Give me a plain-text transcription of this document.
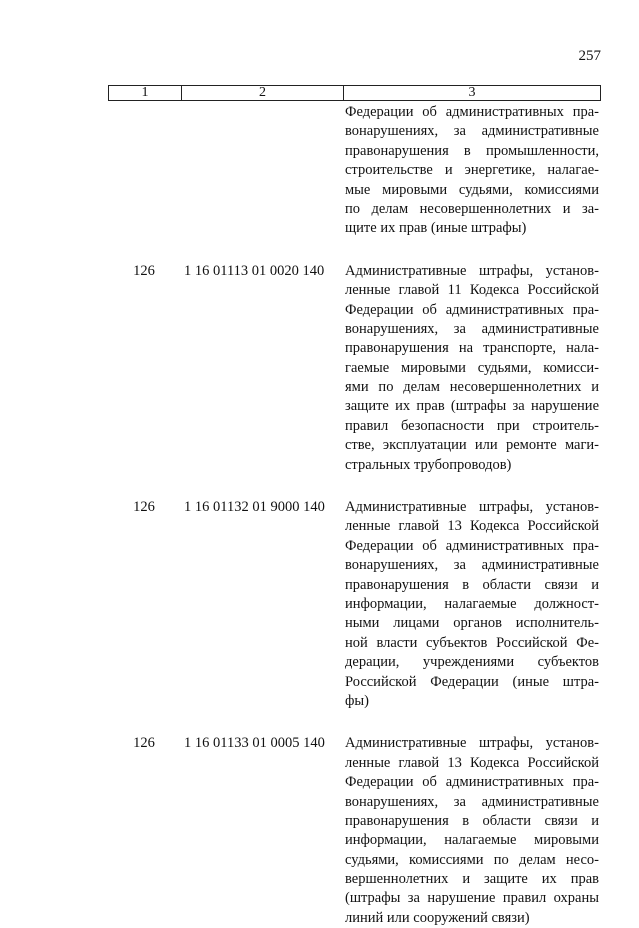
257
1	2	3
Федерации об административных пра-
вонарушениях, за административные
правонарушения в промышленности,
строительстве и энергетике, налагае-
мые мировыми судьями, комиссиями
по делам несовершеннолетних и за-
щите их прав (иные штрафы)
126	1 16 01113 01 0020 140	Административные штрафы, установ-
ленные главой 11 Кодекса Российской
Федерации об административных пра-
вонарушениях, за административные
правонарушения на транспорте, нала-
гаемые мировыми судьями, комисси-
ями по делам несовершеннолетних и
защите их прав (штрафы за нарушение
правил безопасности при строитель-
стве, эксплуатации или ремонте маги-
стральных трубопроводов)
126	1 16 01132 01 9000 140	Административные штрафы, установ-
ленные главой 13 Кодекса Российской
Федерации об административных пра-
вонарушениях, за административные
правонарушения в области связи и
информации, налагаемые должност-
ными лицами органов исполнитель-
ной власти субъектов Российской Фе-
дерации, учреждениями субъектов
Российской Федерации (иные штра-
фы)
126	1 16 01133 01 0005 140	Административные штрафы, установ-
ленные главой 13 Кодекса Российской
Федерации об административных пра-
вонарушениях, за административные
правонарушения в области связи и
информации, налагаемые мировыми
судьями, комиссиями по делам несо-
вершеннолетних и защите их прав
(штрафы за нарушение правил охраны
линий или сооружений связи)
